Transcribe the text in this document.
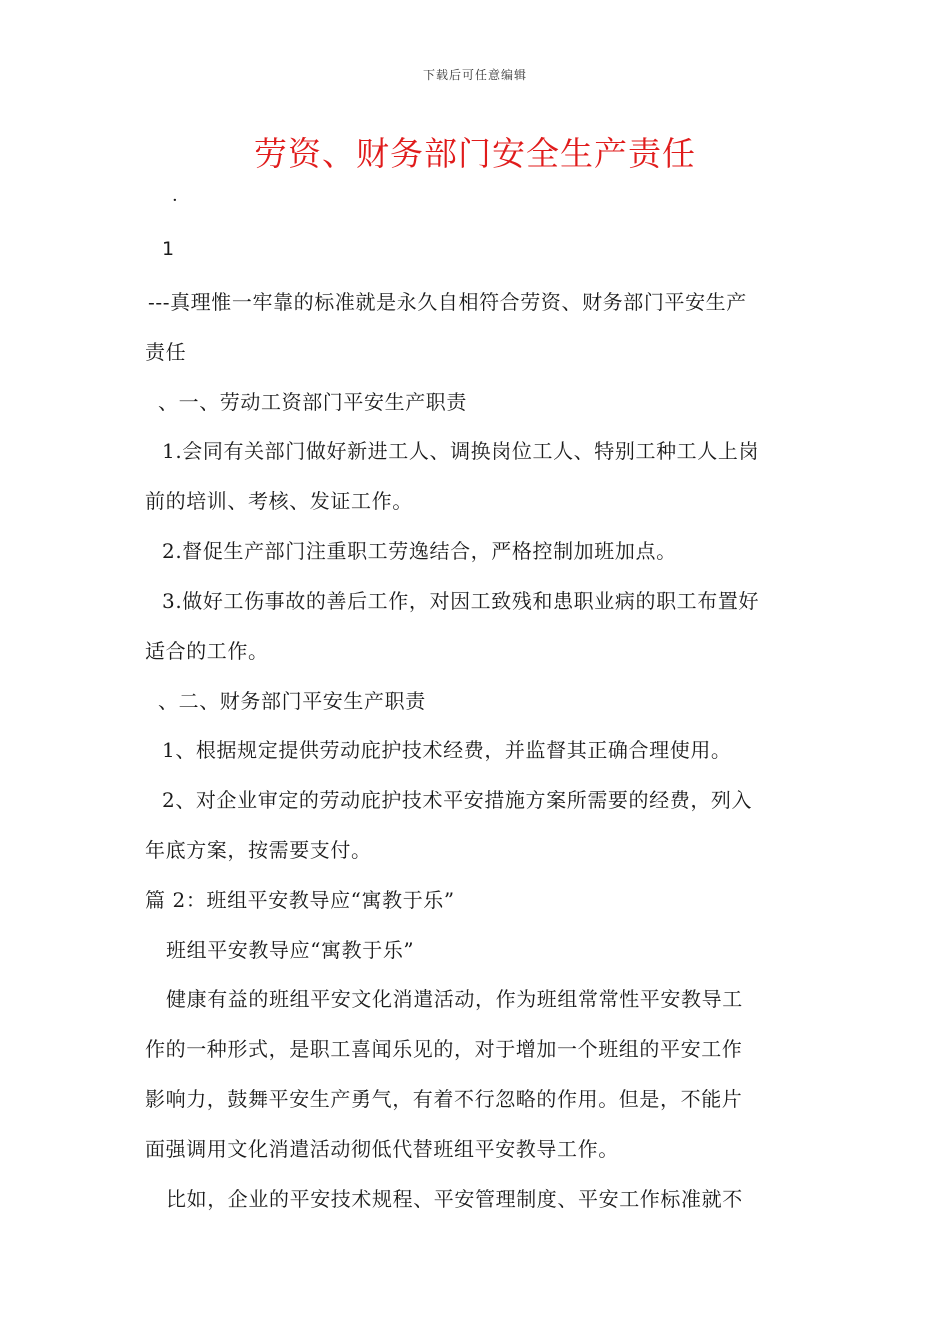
下载后可任意编辑
劳资、财务部门安全生产责任
·
1
---真理惟一牢靠的标准就是永久自相符合劳资、财务部门平安生产
责任
、一、劳动工资部门平安生产职责
1.会同有关部门做好新进工人、调换岗位工人、特别工种工人上岗
前的培训、考核、发证工作。
2.督促生产部门注重职工劳逸结合，严格控制加班加点。
3.做好工伤事故的善后工作，对因工致残和患职业病的职工布置好
适合的工作。
、二、财务部门平安生产职责
1、根据规定提供劳动庇护技术经费，并监督其正确合理使用。
2、对企业审定的劳动庇护技术平安措施方案所需要的经费，列入
年底方案，按需要支付。
篇 2：班组平安教导应“寓教于乐”
班组平安教导应“寓教于乐”
健康有益的班组平安文化消遣活动，作为班组常常性平安教导工
作的一种形式，是职工喜闻乐见的，对于增加一个班组的平安工作
影响力，鼓舞平安生产勇气，有着不行忽略的作用。但是，不能片
面强调用文化消遣活动彻低代替班组平安教导工作。
比如，企业的平安技术规程、平安管理制度、平安工作标准就不
